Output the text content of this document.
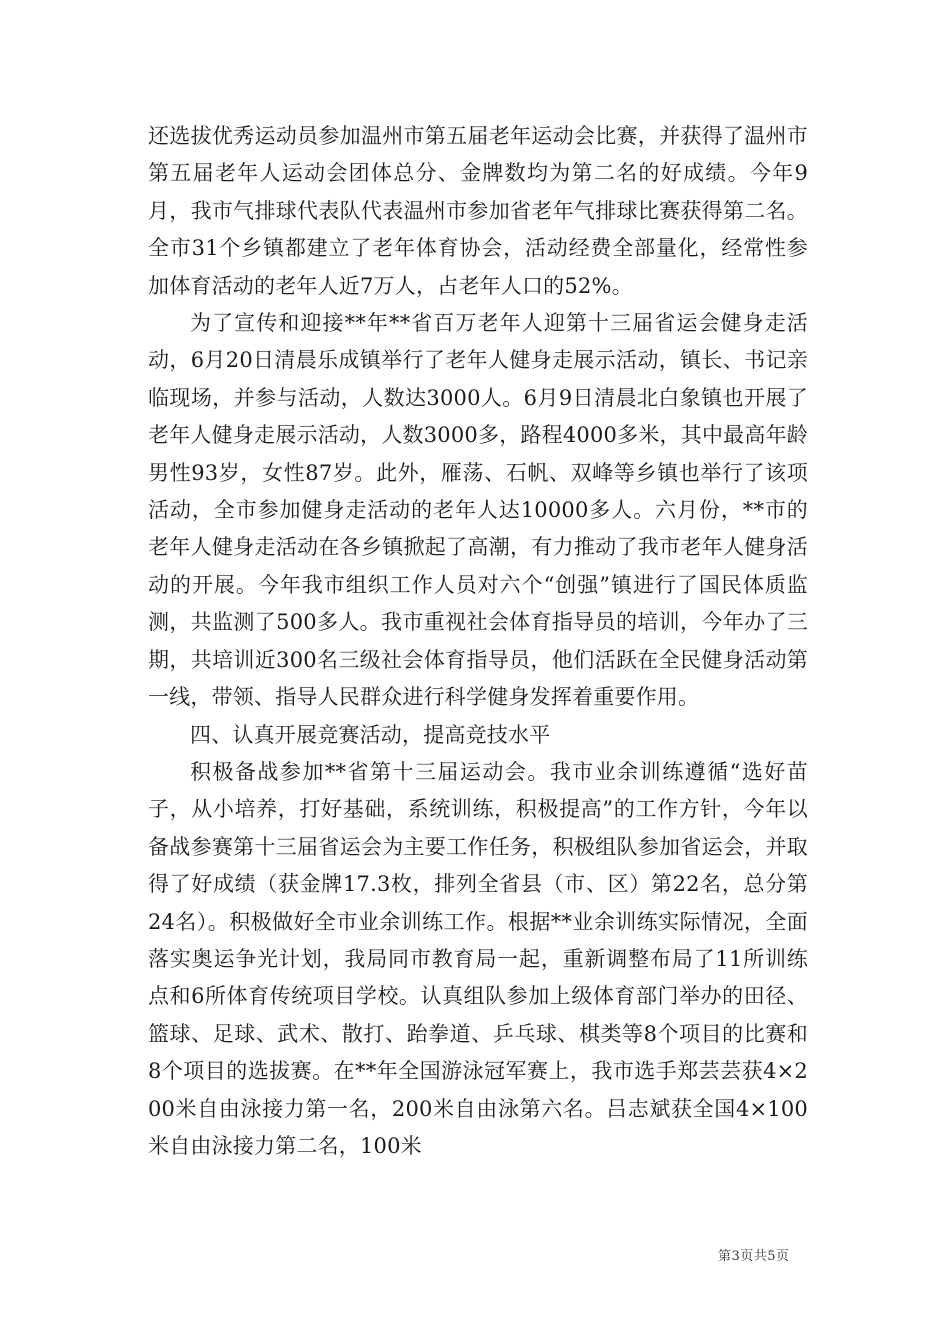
还选拔优秀运动员参加温州市第五届老年运动会比赛，并获得了温州市第五届老年人运动会团体总分、金牌数均为第二名的好成绩。今年9月，我市气排球代表队代表温州市参加省老年气排球比赛获得第二名。全市31个乡镇都建立了老年体育协会，活动经费全部量化，经常性参加体育活动的老年人近7万人，占老年人口的52%。

为了宣传和迎接**年**省百万老年人迎第十三届省运会健身走活动，6月20日清晨乐成镇举行了老年人健身走展示活动，镇长、书记亲临现场，并参与活动，人数达3000人。6月9日清晨北白象镇也开展了老年人健身走展示活动，人数3000多，路程4000多米，其中最高年龄男性93岁，女性87岁。此外，雁荡、石帆、双峰等乡镇也举行了该项活动，全市参加健身走活动的老年人达10000多人。六月份，**市的老年人健身走活动在各乡镇掀起了高潮，有力推动了我市老年人健身活动的开展。今年我市组织工作人员对六个“创强”镇进行了国民体质监测，共监测了500多人。我市重视社会体育指导员的培训，今年办了三期，共培训近300名三级社会体育指导员，他们活跃在全民健身活动第一线，带领、指导人民群众进行科学健身发挥着重要作用。

四、认真开展竞赛活动，提高竞技水平

积极备战参加**省第十三届运动会。我市业余训练遵循“选好苗子，从小培养，打好基础，系统训练，积极提高”的工作方针，今年以备战参赛第十三届省运会为主要工作任务，积极组队参加省运会，并取得了好成绩（获金牌17.3枚，排列全省县（市、区）第22名，总分第24名）。积极做好全市业余训练工作。根据**业余训练实际情况，全面落实奥运争光计划，我局同市教育局一起，重新调整布局了11所训练点和6所体育传统项目学校。认真组队参加上级体育部门举办的田径、篮球、足球、武术、散打、跆拳道、乒乓球、棋类等8个项目的比赛和8个项目的选拔赛。在**年全国游泳冠军赛上，我市选手郑芸芸获4×200米自由泳接力第一名，200米自由泳第六名。吕志斌获全国4×100米自由泳接力第二名，100米

第3页共5页
